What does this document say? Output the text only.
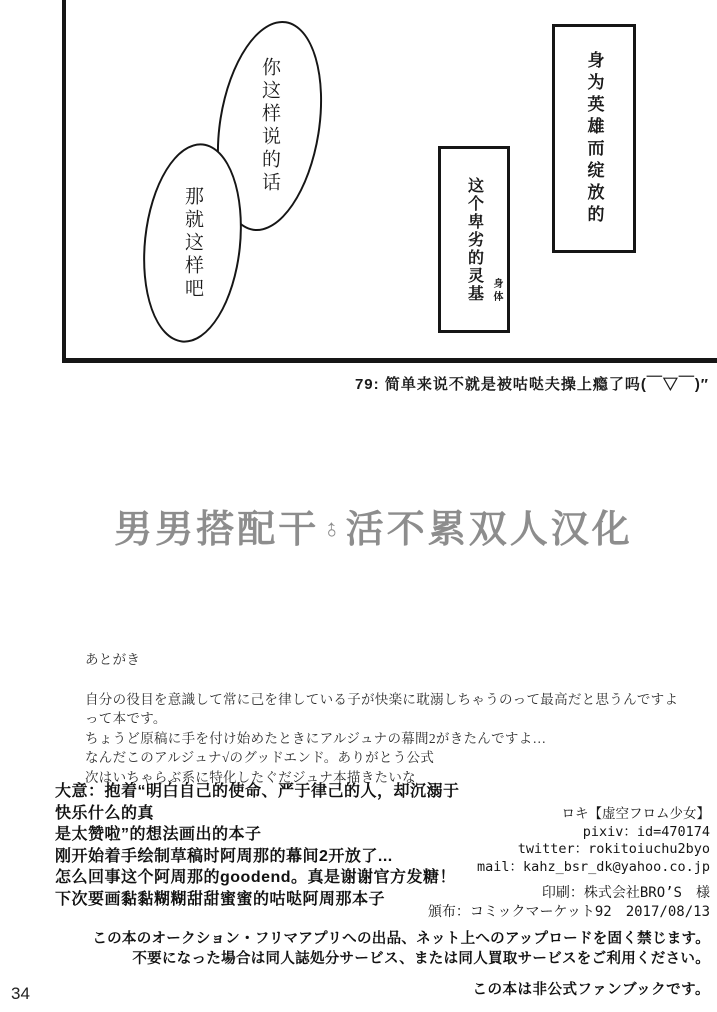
你这样说的话
那就这样吧
身为英雄而绽放的
这个卑劣的灵基 身体
79: 简单来说不就是被咕哒夫操上瘾了吗(￣▽￣)″
男男搭配干♂活不累双人汉化
あとがき
自分の役目を意識して常に己を律している子が快楽に耽溺しちゃうのって最高だと思うんですよ
って本です。
ちょうど原稿に手を付け始めたときにアルジュナの幕間2がきたんですよ…
なんだこのアルジュナ√のグッドエンド。ありがとう公式
次はいちゃらぶ系に特化したぐだジュナ本描きたいな
大意：抱着“明白自己的使命、严于律己的人，却沉溺于快乐什么的真
是太赞啦”的想法画出的本子
刚开始着手绘制草稿时阿周那的幕间2开放了...
怎么回事这个阿周那的goodend。真是谢谢官方发糖！
下次要画黏黏糊糊甜甜蜜蜜的咕哒阿周那本子
ロキ【虚空フロム少女】
pixiv：id=470174
twitter：rokitoiuchu2byo
mail：kahz_bsr_dk@yahoo.co.jp
印刷：株式会社BRO’S　様
頒布：コミックマーケット92　2017/08/13
この本のオークション・フリマアプリへの出品、ネット上へのアップロードを固く禁じます。
不要になった場合は同人誌処分サービス、または同人買取サービスをご利用ください。
この本は非公式ファンブックです。
34
